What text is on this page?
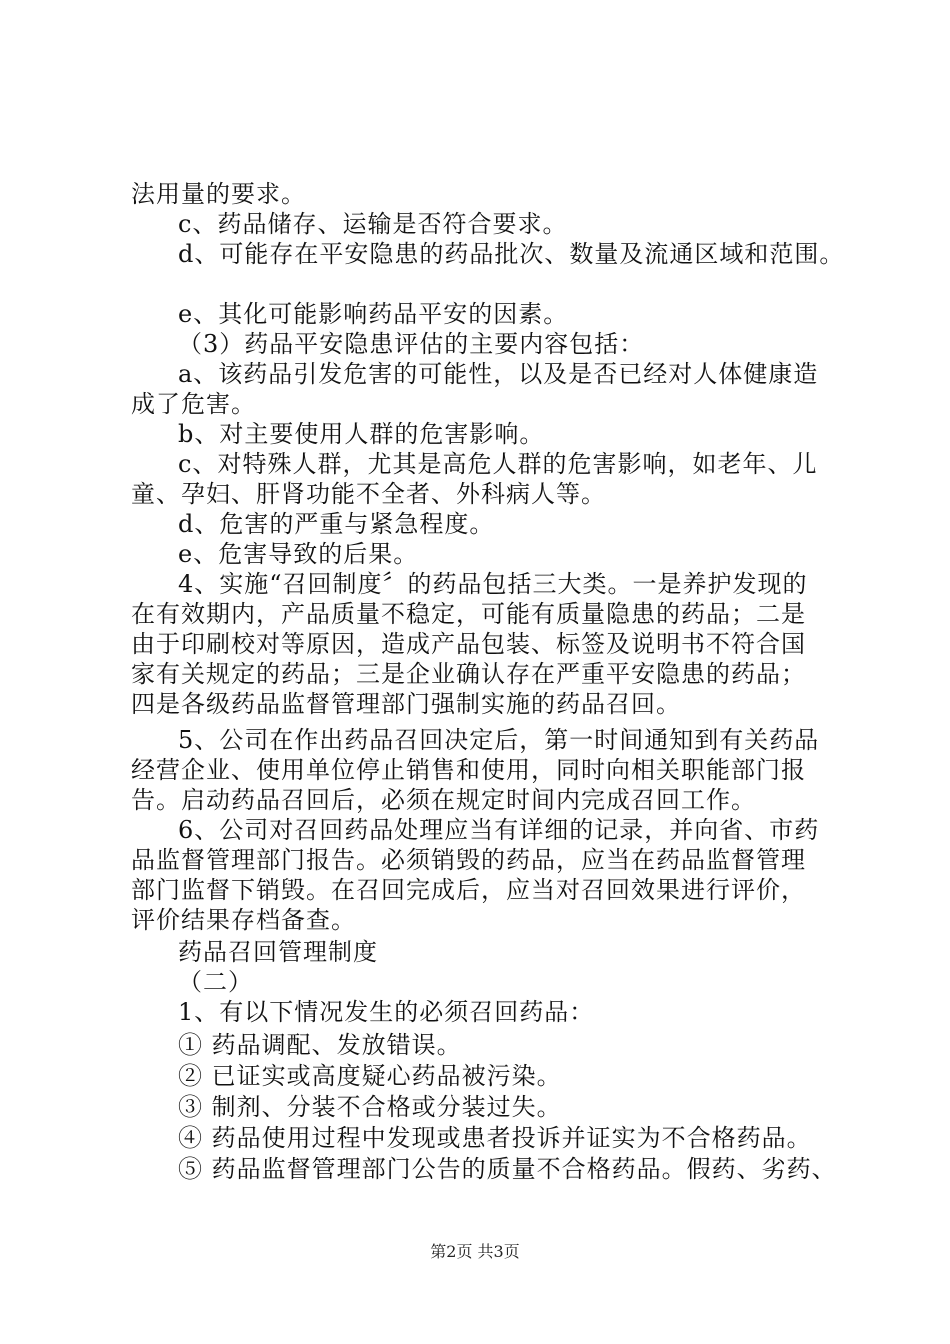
法用量的要求。
c、药品储存、运输是否符合要求。
d、可能存在平安隐患的药品批次、数量及流通区域和范围。
e、其化可能影响药品平安的因素。
（3）药品平安隐患评估的主要内容包括：
a、该药品引发危害的可能性，以及是否已经对人体健康造
成了危害。
b、对主要使用人群的危害影响。
c、对特殊人群，尤其是高危人群的危害影响，如老年、儿
童、孕妇、肝肾功能不全者、外科病人等。
d、危害的严重与紧急程度。
e、危害导致的后果。
4、实施“召回制度〞的药品包括三大类。一是养护发现的
在有效期内，产品质量不稳定，可能有质量隐患的药品；二是
由于印刷校对等原因，造成产品包装、标签及说明书不符合国
家有关规定的药品；三是企业确认存在严重平安隐患的药品；
四是各级药品监督管理部门强制实施的药品召回。
5、公司在作出药品召回决定后，第一时间通知到有关药品
经营企业、使用单位停止销售和使用，同时向相关职能部门报
告。启动药品召回后，必须在规定时间内完成召回工作。
6、公司对召回药品处理应当有详细的记录，并向省、市药
品监督管理部门报告。必须销毁的药品，应当在药品监督管理
部门监督下销毁。在召回完成后，应当对召回效果进行评价，
评价结果存档备查。
药品召回管理制度
（二）
1、有以下情况发生的必须召回药品：
① 药品调配、发放错误。
② 已证实或高度疑心药品被污染。
③ 制剂、分装不合格或分装过失。
④ 药品使用过程中发现或患者投诉并证实为不合格药品。
⑤ 药品监督管理部门公告的质量不合格药品。假药、劣药、
第2页 共3页
